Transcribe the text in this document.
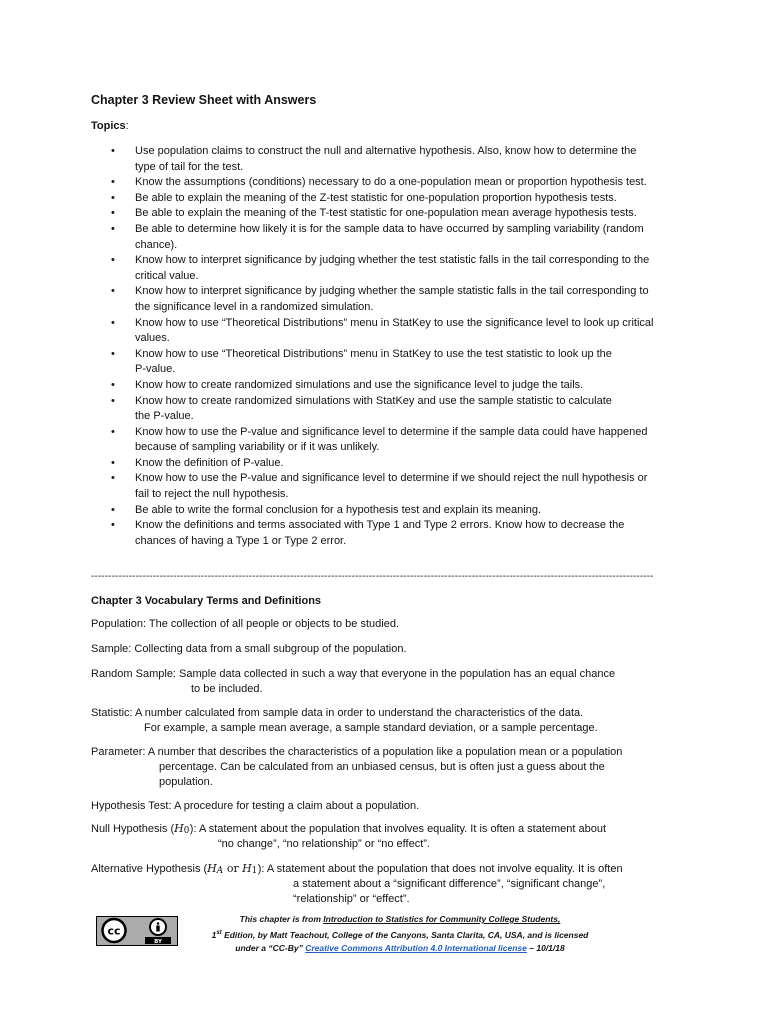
Chapter 3 Review Sheet with Answers
Topics:
• Use population claims to construct the null and alternative hypothesis. Also, know how to determine the
type of tail for the test.
• Know the assumptions (conditions) necessary to do a one-population mean or proportion hypothesis test.
• Be able to explain the meaning of the Z-test statistic for one-population proportion hypothesis tests.
• Be able to explain the meaning of the T-test statistic for one-population mean average hypothesis tests.
• Be able to determine how likely it is for the sample data to have occurred by sampling variability (random
chance).
• Know how to interpret significance by judging whether the test statistic falls in the tail corresponding to the
critical value.
• Know how to interpret significance by judging whether the sample statistic falls in the tail corresponding to
the significance level in a randomized simulation.
• Know how to use “Theoretical Distributions” menu in StatKey to use the significance level to look up critical
values.
• Know how to use “Theoretical Distributions” menu in StatKey to use the test statistic to look up the
P-value.
• Know how to create randomized simulations and use the significance level to judge the tails.
• Know how to create randomized simulations with StatKey and use the sample statistic to calculate
the P-value.
• Know how to use the P-value and significance level to determine if the sample data could have happened
because of sampling variability or if it was unlikely.
• Know the definition of P-value.
• Know how to use the P-value and significance level to determine if we should reject the null hypothesis or
fail to reject the null hypothesis.
• Be able to write the formal conclusion for a hypothesis test and explain its meaning.
• Know the definitions and terms associated with Type 1 and Type 2 errors. Know how to decrease the
chances of having a Type 1 or Type 2 error.
--------------------------------------------------------------------------------------------------------------------------------------------------------------------
Chapter 3 Vocabulary Terms and Definitions
Population: The collection of all people or objects to be studied.
Sample: Collecting data from a small subgroup of the population.
Random Sample: Sample data collected in such a way that everyone in the population has an equal chance
to be included.
Statistic: A number calculated from sample data in order to understand the characteristics of the data.
For example, a sample mean average, a sample standard deviation, or a sample percentage.
Parameter: A number that describes the characteristics of a population like a population mean or a population
percentage. Can be calculated from an unbiased census, but is often just a guess about the
population.
Hypothesis Test: A procedure for testing a claim about a population.
Null Hypothesis ( H 0 ): A statement about the population that involves equality. It is often a statement about
“no change”, “no relationship” or “no effect”.
Alternative Hypothesis ( H A or H 1 ): A statement about the population that does not involve equality. It is often
a statement about a “significant difference”, “significant change”,
“relationship” or “effect”.
cc
BY
This chapter is from Introduction to Statistics for Community College Students,
1st Edition, by Matt Teachout, College of the Canyons, Santa Clarita, CA, USA, and is licensed
under a “CC-By” Creative Commons Attribution 4.0 International license – 10/1/18
